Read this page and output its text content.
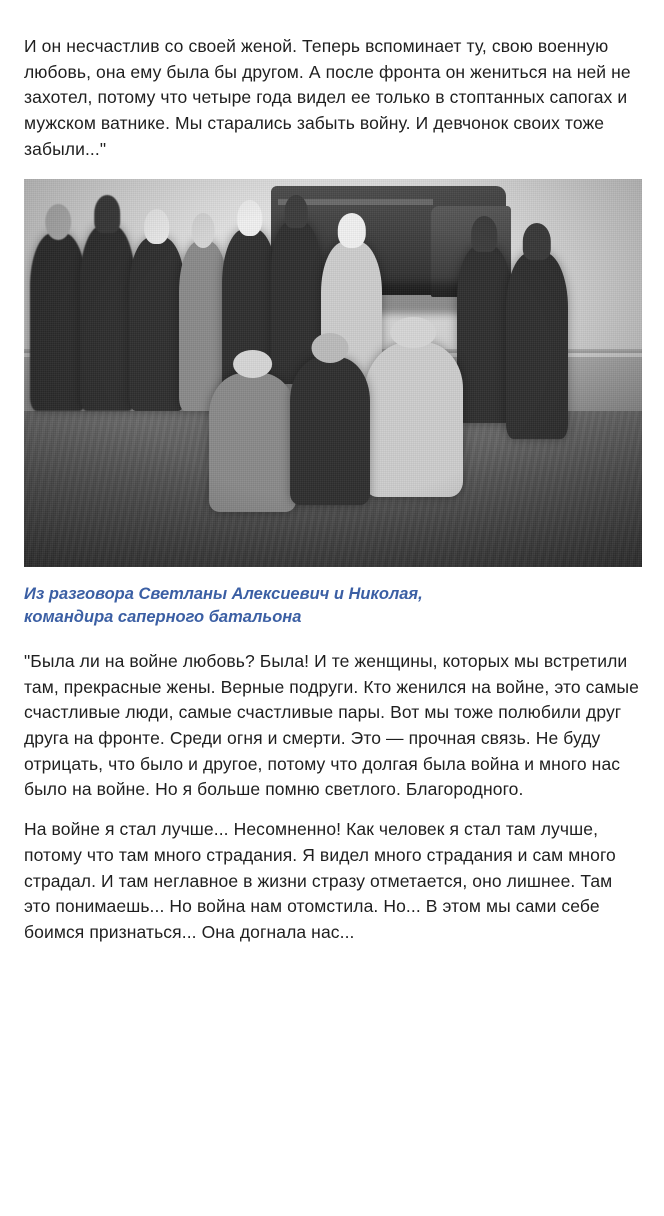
И он несчастлив со своей женой. Теперь вспоминает ту, свою военную любовь, она ему была бы другом. А после фронта он жениться на ней не захотел, потому что четыре года видел ее только в стоптанных сапогах и мужском ватнике. Мы старались забыть войну. И девчонок своих тоже забыли..."

Из разговора Светланы Алексиевич и Николая,
командира саперного батальона

"Была ли на войне любовь? Была! И те женщины, которых мы встретили там, прекрасные жены. Верные подруги. Кто женился на войне, это самые счастливые люди, самые счастливые пары. Вот мы тоже полюбили друг друга на фронте. Среди огня и смерти. Это — прочная связь. Не буду отрицать, что было и другое, потому что долгая была война и много нас было на войне. Но я больше помню светлого. Благородного.

На войне я стал лучше... Несомненно! Как человек я стал там лучше, потому что там много страдания. Я видел много страдания и сам много страдал. И там неглавное в жизни стразу отметается, оно лишнее. Там это понимаешь... Но война нам отомстила. Но... В этом мы сами себе боимся признаться... Она догнала нас...
